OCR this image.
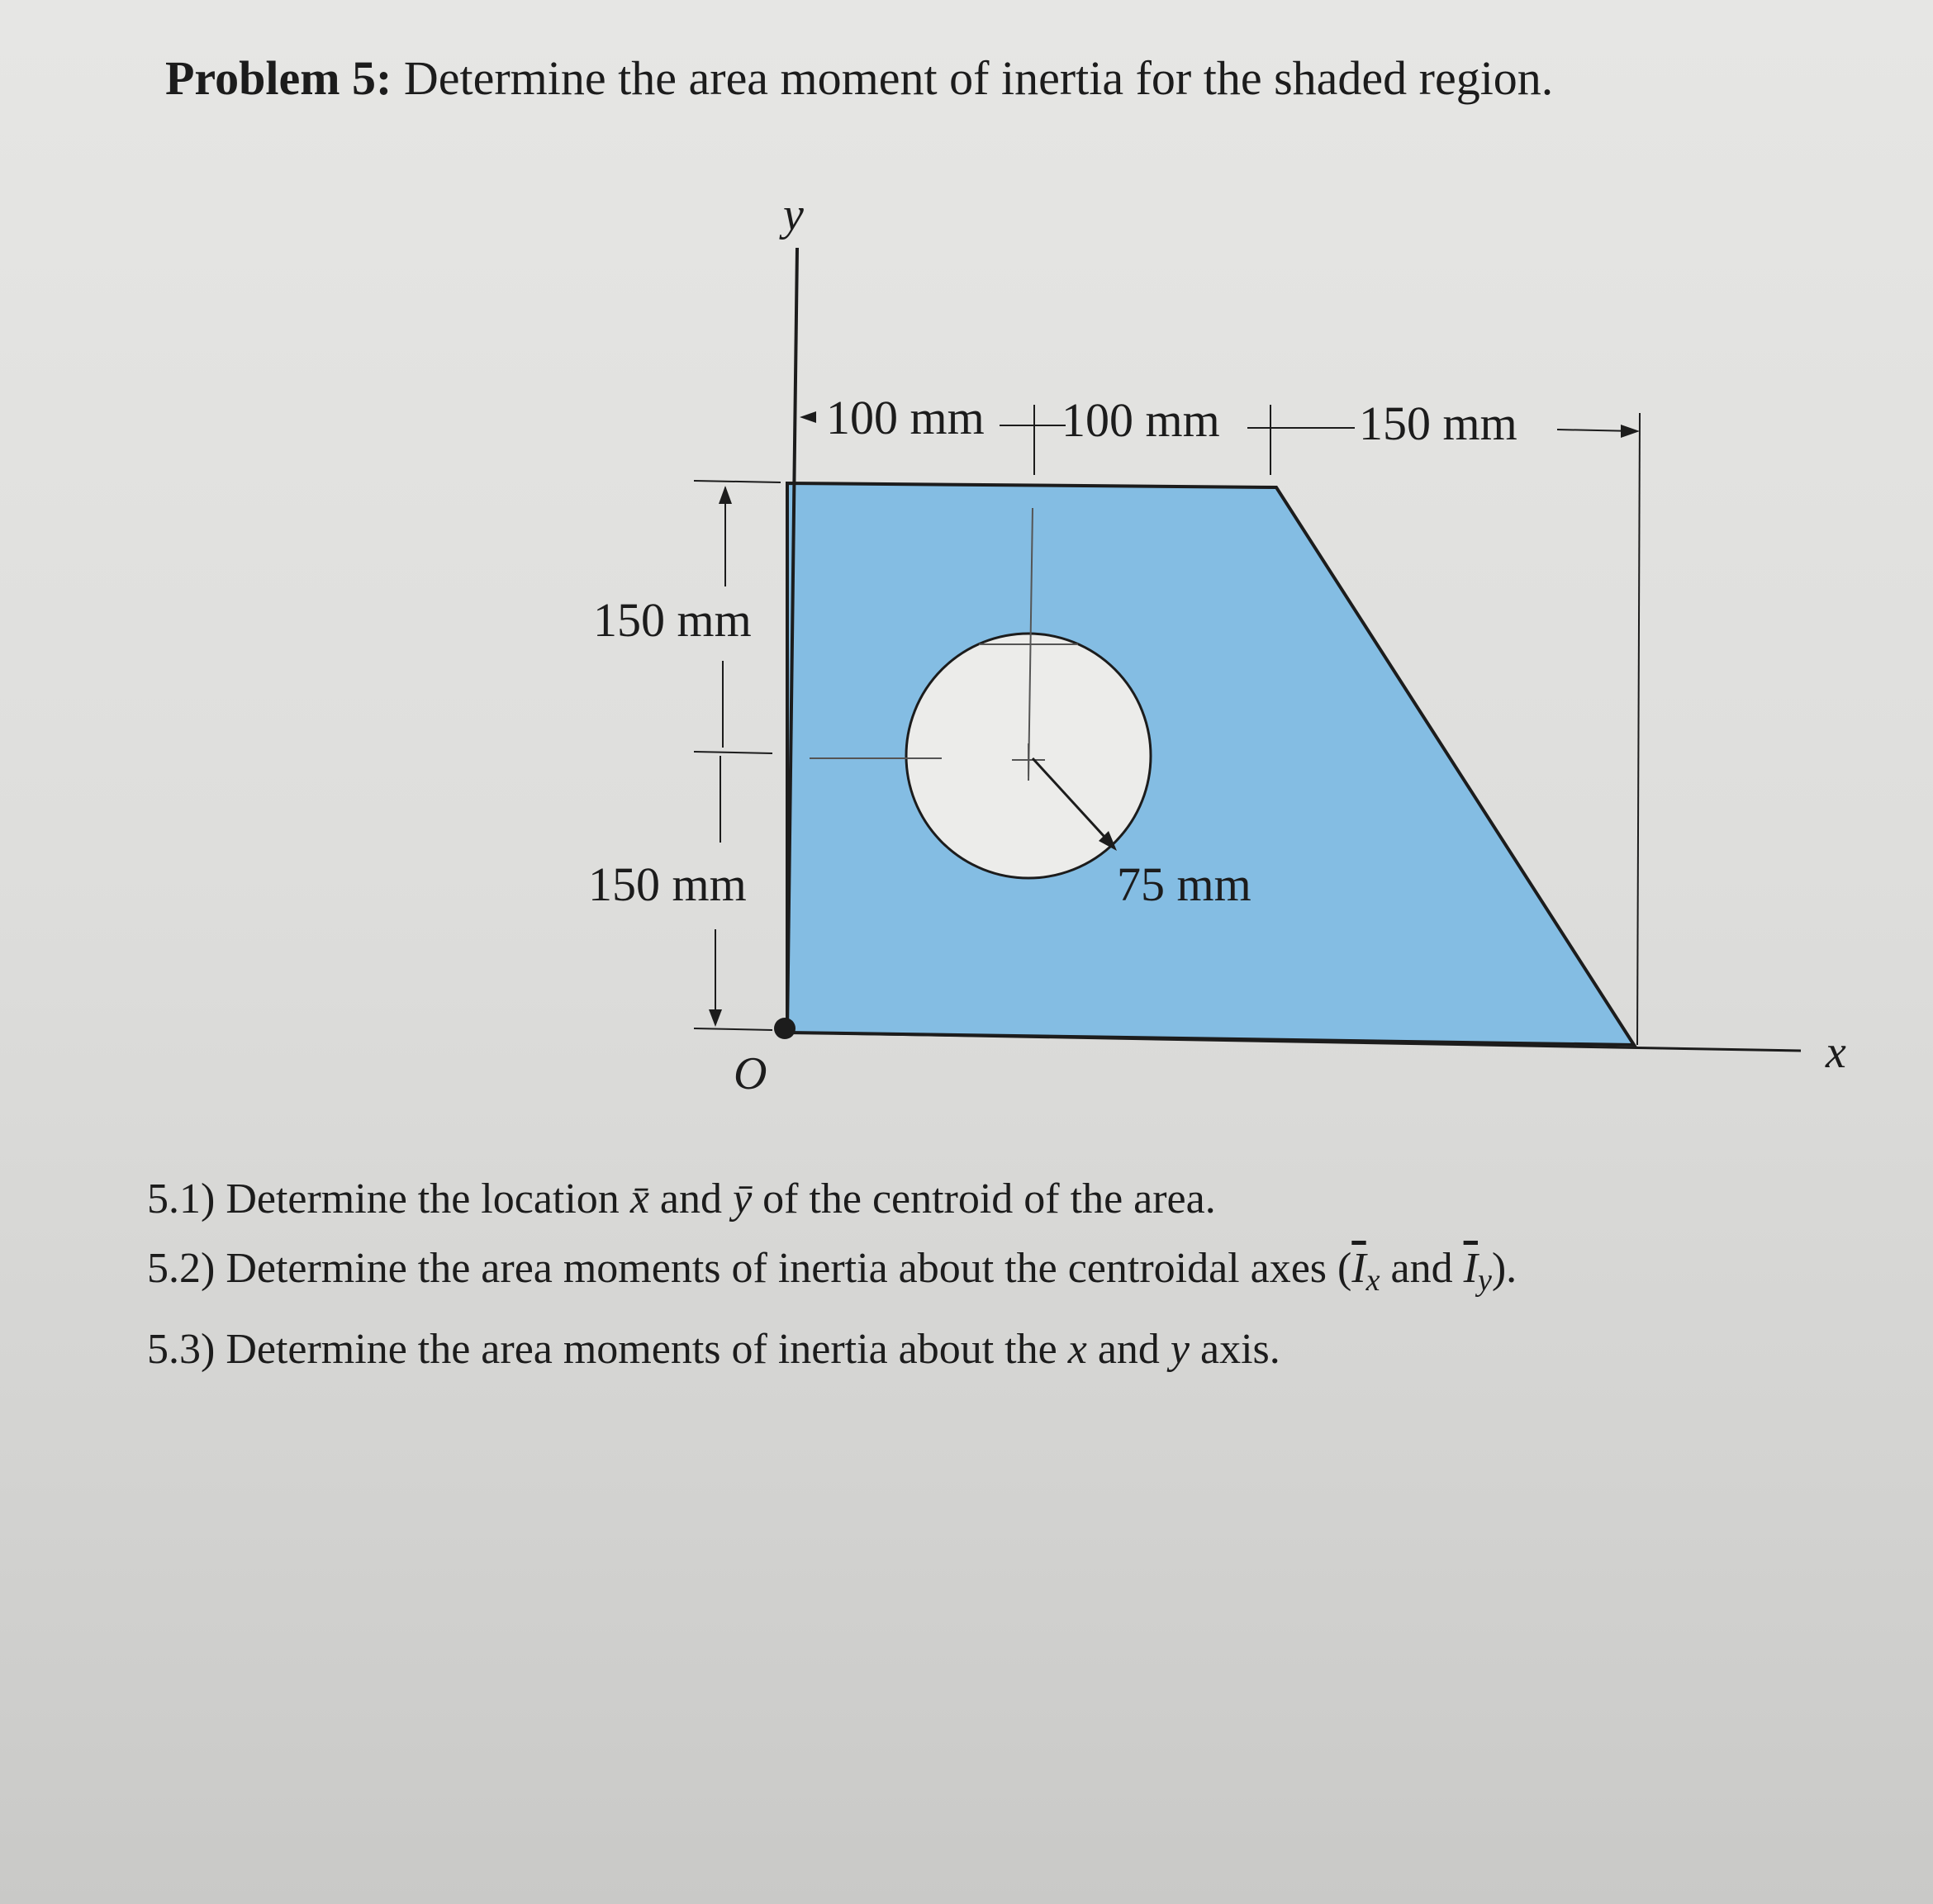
Problem 5: Determine the area moment of inertia for the shaded region.
100 mm 100 mm	150 mm
150 mm
150 mm	75 mm
y
x
O
5.1) Determine the location x̄ and ȳ of the centroid of the area.
5.2) Determine the area moments of inertia about the centroidal axes ($\overline{I}_x$ and $\overline{I}_y$).
5.3) Determine the area moments of inertia about the x and y axis.
